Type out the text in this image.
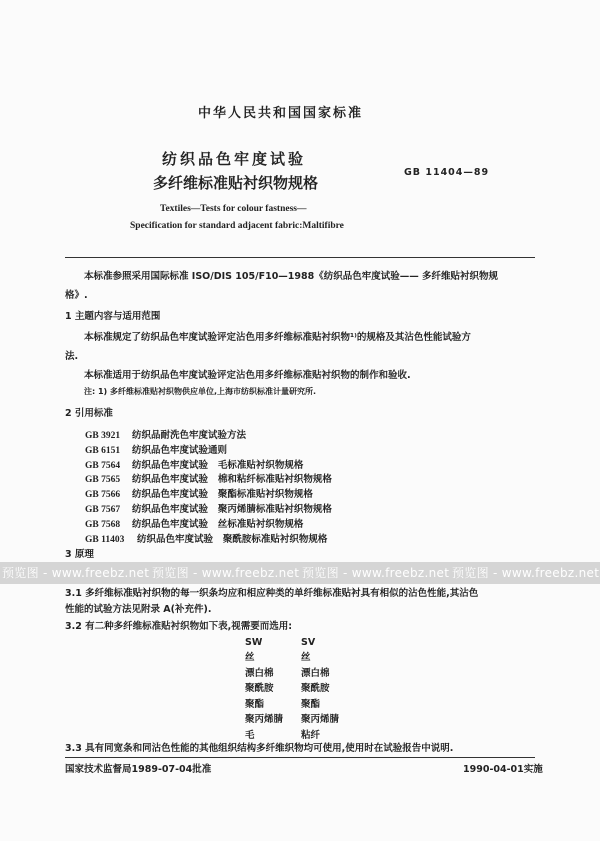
中华人民共和国国家标准
纺织品色牢度试验
多纤维标准贴衬织物规格
GB 11404—89
Textiles—Tests for colour fastness—
Specification for standard adjacent fabric:Maltifibre
本标准参照采用国际标准 ISO/DIS 105/F10—1988《纺织品色牢度试验—— 多纤维贴衬织物规
格》.
1 主题内容与适用范围
本标准规定了纺织品色牢度试验评定沾色用多纤维标准贴衬织物¹⁾的规格及其沾色性能试验方
法.
本标准适用于纺织品色牢度试验评定沾色用多纤维标准贴衬织物的制作和验收.
注: 1) 多纤维标准贴衬织物供应单位,上海市纺织标准计量研究所.
2 引用标准
GB 3921 纺织品耐洗色牢度试验方法
GB 6151 纺织品色牢度试验通则
GB 7564 纺织品色牢度试验   毛标准贴衬织物规格
GB 7565 纺织品色牢度试验   棉和粘纤标准贴衬织物规格
GB 7566 纺织品色牢度试验   聚酯标准贴衬织物规格
GB 7567 纺织品色牢度试验   聚丙烯腈标准贴衬织物规格
GB 7568 纺织品色牢度试验   丝标准贴衬织物规格
GB 11403 纺织品色牢度试验   聚酰胺标准贴衬织物规格
预览图 - www.freebz.net 预览图 - www.freebz.net 预览图 - www.freebz.net 预览图 - www.freebz.net
3 原理
3.1 多纤维标准贴衬织物的每一织条均应和相应种类的单纤维标准贴衬具有相似的沾色性能,其沾色
性能的试验方法见附录 A(补充件).
3.2 有二种多纤维标准贴衬织物如下表,视需要而选用:
SW	SV
丝	丝
漂白棉	漂白棉
聚酰胺	聚酰胺
聚酯	聚酯
聚丙烯腈 聚丙烯腈
毛	粘纤
3.3 具有同宽条和同沾色性能的其他组织结构多纤维织物均可使用,使用时在试验报告中说明.
国家技术监督局1989-07-04批准	1990-04-01实施
